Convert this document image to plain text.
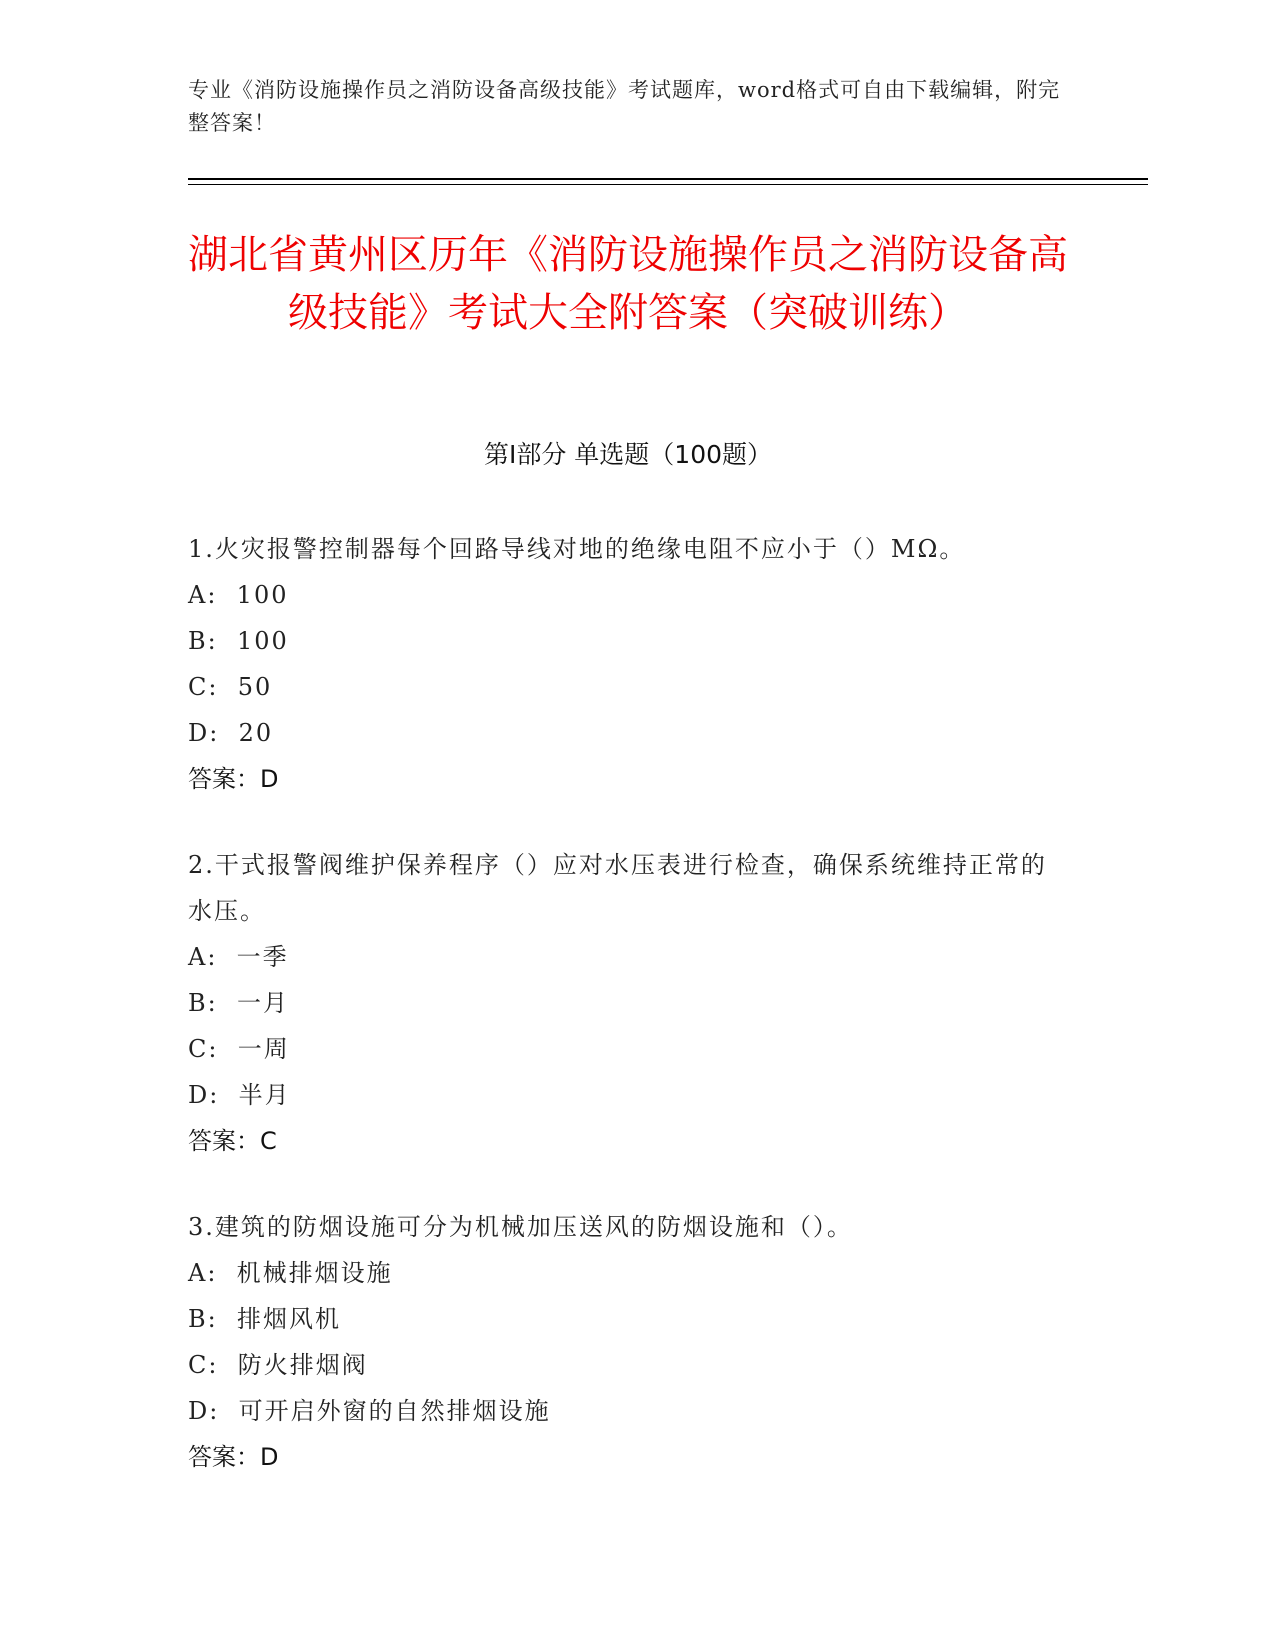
专业《消防设施操作员之消防设备高级技能》考试题库，word格式可自由下载编辑，附完整答案！
湖北省黄州区历年《消防设施操作员之消防设备高级技能》考试大全附答案（突破训练）
第I部分 单选题（100题）
1.火灾报警控制器每个回路导线对地的绝缘电阻不应小于（）MΩ。
A:  100
B:  100
C:  50
D:  20
答案：D
2.干式报警阀维护保养程序（）应对水压表进行检查，确保系统维持正常的水压。
A:  一季
B:  一月
C:  一周
D:  半月
答案：C
3.建筑的防烟设施可分为机械加压送风的防烟设施和（）。
A:  机械排烟设施
B:  排烟风机
C:  防火排烟阀
D:  可开启外窗的自然排烟设施
答案：D
